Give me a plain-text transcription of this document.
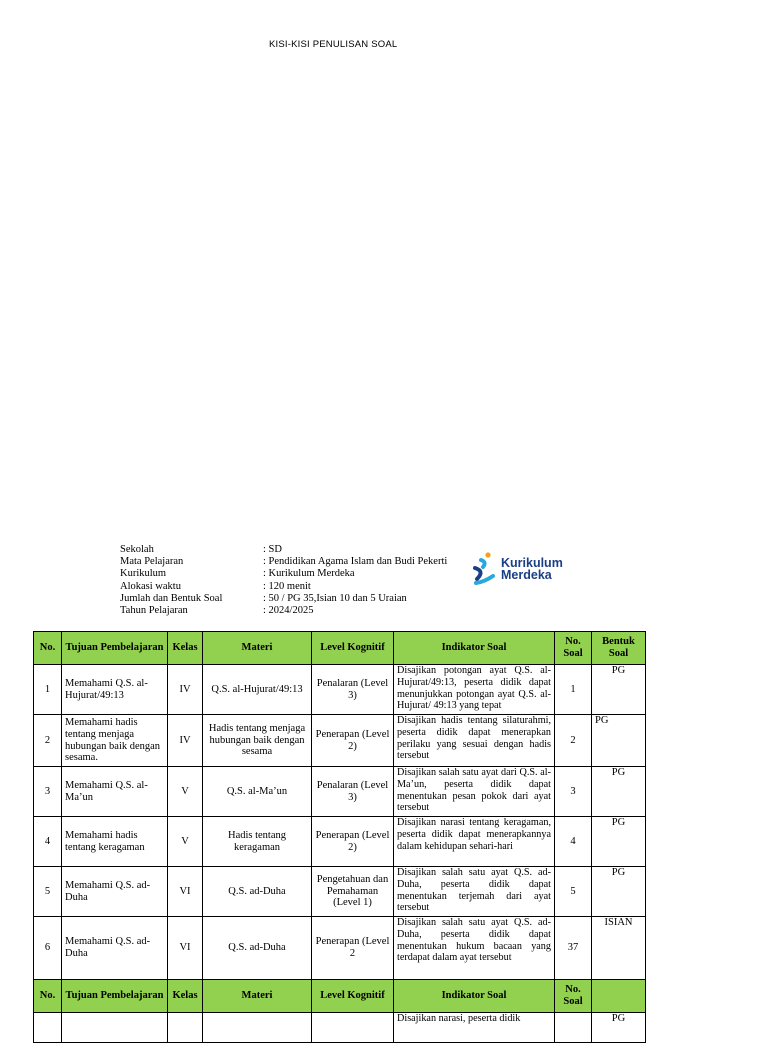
KISI-KISI PENULISAN SOAL
Sekolah	: SD
Mata Pelajaran	: Pendidikan Agama Islam dan Budi Pekerti
Kurikulum	: Kurikulum Merdeka
Alokasi waktu	: 120 menit
Jumlah dan Bentuk Soal	: 50 / PG 35,Isian 10 dan 5 Uraian
Tahun Pelajaran	: 2024/2025
Kurikulum
Merdeka
No.	Tujuan Pembelajaran	Kelas	Materi	Level Kognitif	Indikator Soal	No. Soal	Bentuk Soal
1	Memahami Q.S. al-Hujurat/49:13	IV	Q.S. al-Hujurat/49:13	Penalaran (Level 3)	Disajikan potongan ayat Q.S. al-Hujurat/49:13, peserta didik dapat menunjukkan potongan ayat Q.S. al-Hujurat/ 49:13 yang tepat	1	PG
2	Memahami hadis tentang menjaga hubungan baik dengan sesama.	IV	Hadis tentang menjaga hubungan baik dengan sesama	Penerapan (Level 2)	Disajikan hadis tentang silaturahmi, peserta didik dapat menerapkan perilaku yang sesuai dengan hadis tersebut	2	PG
3	Memahami Q.S. al-Ma’un	V	Q.S. al-Ma’un	Penalaran (Level 3)	Disajikan salah satu ayat dari Q.S. al-Ma’un, peserta didik dapat menentukan pesan pokok dari ayat tersebut	3	PG
4	Memahami hadis tentang keragaman	V	Hadis tentang keragaman	Penerapan (Level 2)	Disajikan narasi tentang keragaman, peserta didik dapat menerapkannya dalam kehidupan sehari-hari	4	PG
5	Memahami Q.S. ad-Duha	VI	Q.S. ad-Duha	Pengetahuan dan Pemahaman (Level 1)	Disajikan salah satu ayat Q.S. ad-Duha, peserta didik dapat menentukan terjemah dari ayat tersebut	5	PG
6	Memahami Q.S. ad-Duha	VI	Q.S. ad-Duha	Penerapan (Level 2	Disajikan salah satu ayat Q.S. ad-Duha, peserta didik dapat menentukan hukum bacaan yang terdapat dalam ayat tersebut	37	ISIAN
No.	Tujuan Pembelajaran	Kelas	Materi	Level Kognitif	Indikator Soal	No. Soal	
					Disajikan narasi, peserta didik		PG
